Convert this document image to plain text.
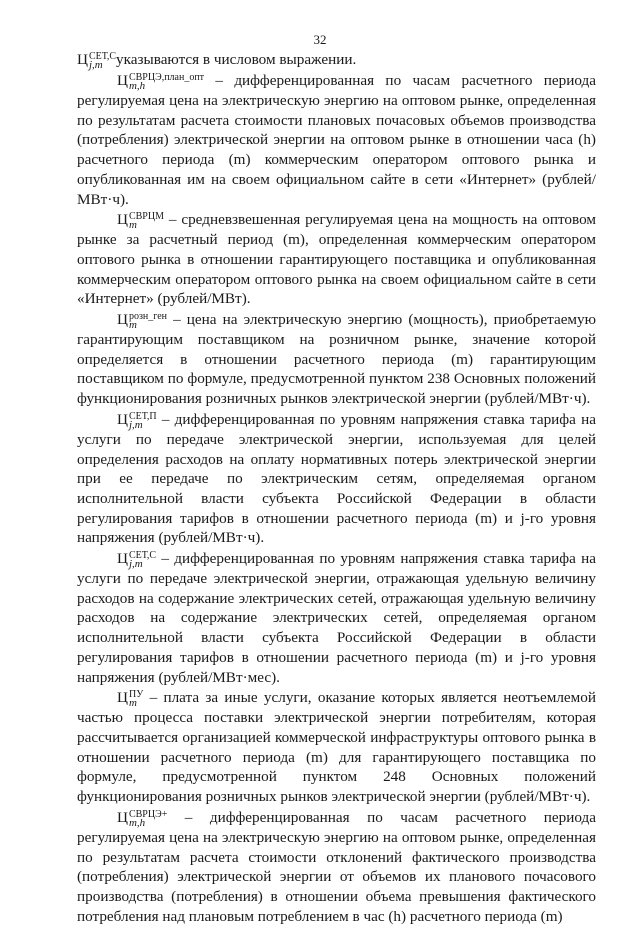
32

Ц СЕТ,С
j,m указываются в числовом выражении.

Ц СВРЦЭ,план_опт
m,h	– дифференцированная по часам расчетного периода регулируемая цена на электрическую энергию на оптовом рынке, определенная по результатам расчета стоимости плановых почасовых объемов производства (потребления) электрической энергии на оптовом рынке в отношении часа (h) расчетного периода (m) коммерческим оператором оптового рынка и опубликованная им на своем официальном сайте в сети «Интернет» (рублей/МВт·ч).

Ц СВРЦМ
m	– средневзвешенная регулируемая цена на мощность на оптовом рынке за расчетный период (m), определенная коммерческим оператором оптового рынка в отношении гарантирующего поставщика и опубликованная коммерческим оператором оптового рынка на своем официальном сайте в сети «Интернет» (рублей/МВт).

Ц розн_ген
m	– цена на электрическую энергию (мощность), приобретаемую гарантирующим поставщиком на розничном рынке, значение которой определяется в отношении расчетного периода (m) гарантирующим поставщиком по формуле, предусмотренной пунктом 238 Основных положений функционирования розничных рынков электрической энергии (рублей/МВт·ч).

Ц СЕТ,П
j,m – дифференцированная по уровням напряжения ставка тарифа на услуги по передаче электрической энергии, используемая для целей определения расходов на оплату нормативных потерь электрической энергии при ее передаче по электрическим сетям, определяемая органом исполнительной власти субъекта Российской Федерации в области регулирования тарифов в отношении расчетного периода (m) и j-го уровня напряжения (рублей/МВт·ч).

Ц СЕТ,С
j,m – дифференцированная по уровням напряжения ставка тарифа на услуги по передаче электрической энергии, отражающая удельную величину расходов на содержание электрических сетей, отражающая удельную величину расходов на содержание электрических сетей, определяемая органом исполнительной власти субъекта Российской Федерации в области регулирования тарифов в отношении расчетного периода (m) и j-го уровня напряжения (рублей/МВт·мес).

Ц ПУ
m – плата за иные услуги, оказание которых является неотъемлемой частью процесса поставки электрической энергии потребителям, которая рассчитывается организацией коммерческой инфраструктуры оптового рынка в отношении расчетного периода (m) для гарантирующего поставщика по формуле, предусмотренной пунктом 248 Основных положений функционирования розничных рынков электрической энергии (рублей/МВт·ч).

Ц СВРЦЭ+
m,h	– дифференцированная по часам расчетного периода регулируемая цена на электрическую энергию на оптовом рынке, определенная по результатам расчета стоимости отклонений фактического производства (потребления) электрической энергии от объемов их планового почасового производства (потребления) в отношении объема превышения фактического потребления над плановым потреблением в час (h) расчетного периода (m)
